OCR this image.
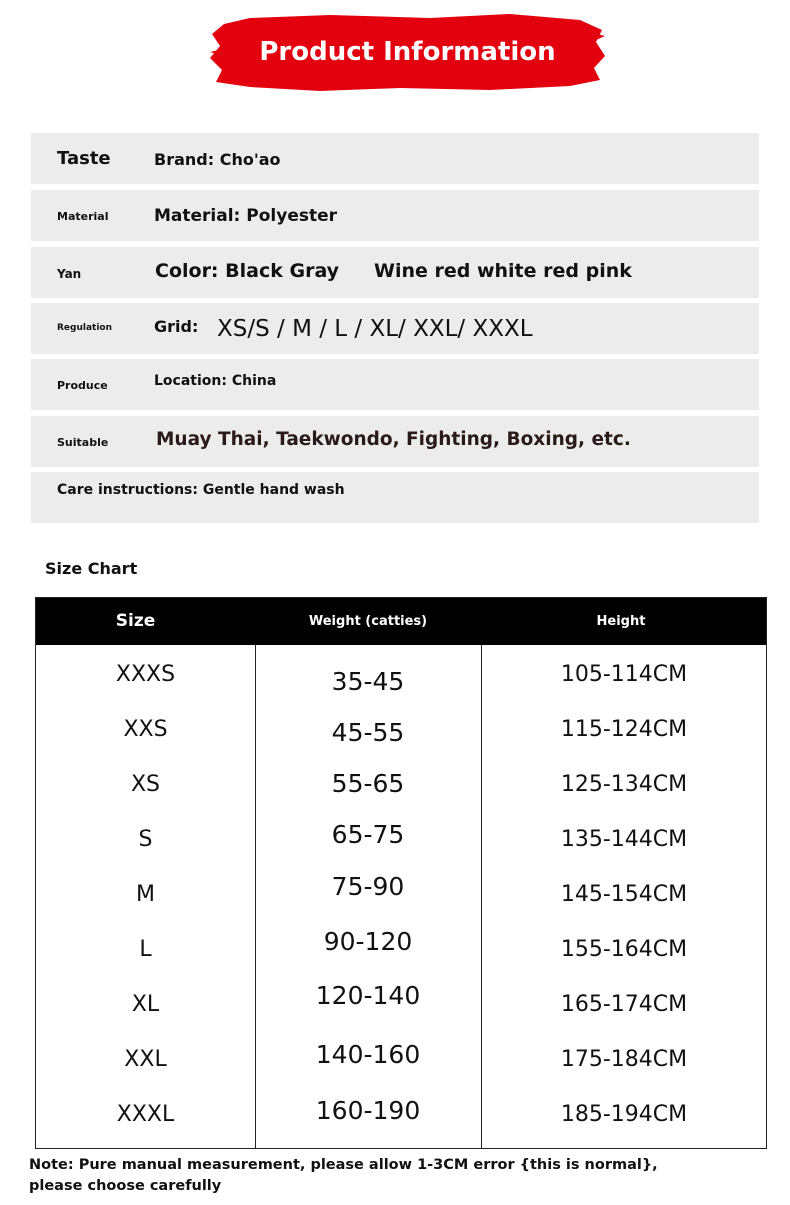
Product Information
Taste	Brand: Cho'ao
Material	Material: Polyester
Yan	Color: Black Gray Wine red white red pink
Regulation	Grid: XS/S / M / L / XL/ XXL/ XXXL
Produce	Location: China
Suitable	Muay Thai, Taekwondo, Fighting, Boxing, etc.
Care instructions: Gentle hand wash
Size Chart
Size	Weight (catties)	Height
XXXS	35-45	105-114CM
XXS	45-55	115-124CM
XS	55-65	125-134CM
S	65-75	135-144CM
M	75-90	145-154CM
L	90-120	155-164CM
XL	120-140	165-174CM
XXL	140-160	175-184CM
XXXL	160-190	185-194CM
Note: Pure manual measurement, please allow 1-3CM error {this is normal},
please choose carefully
